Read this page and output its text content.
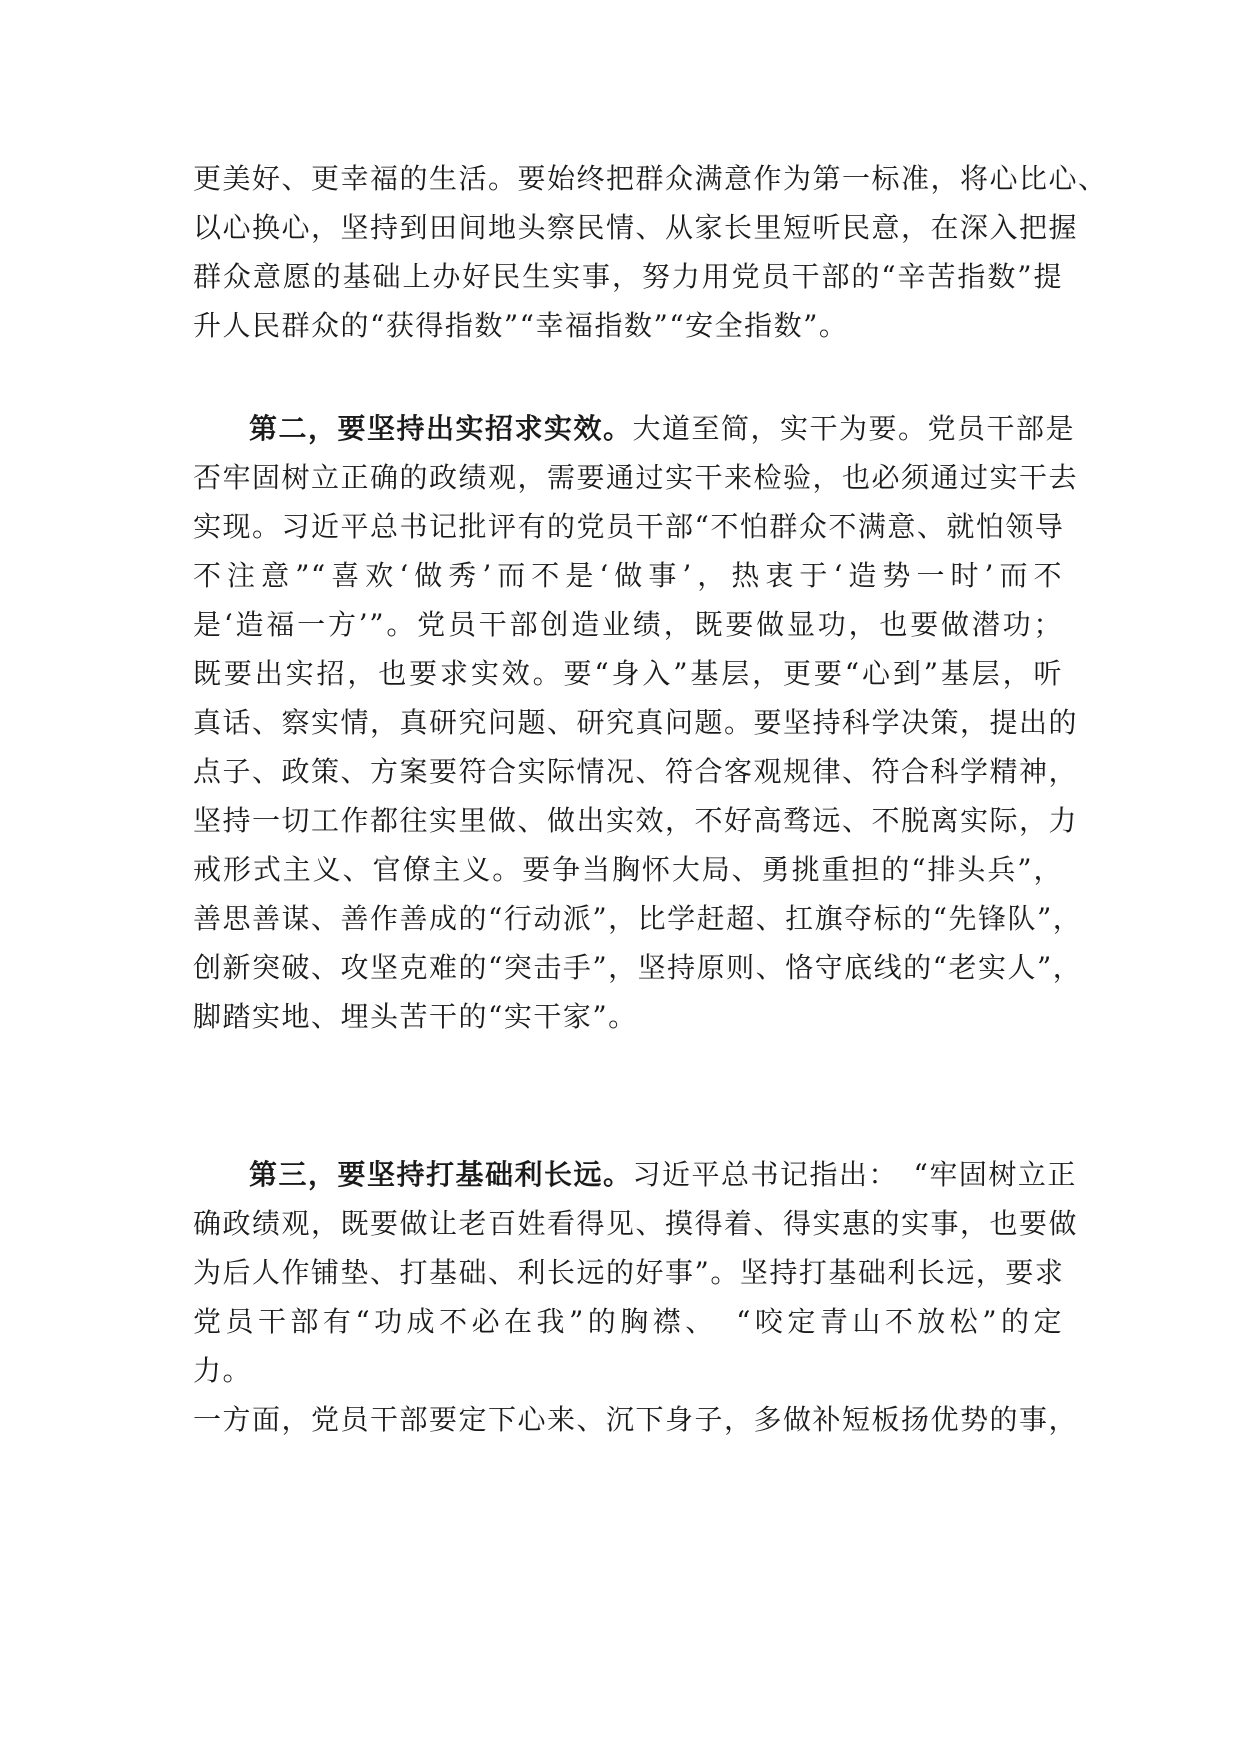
更美好、更幸福的生活。要始终把群众满意作为第一标准，将心比心、
以心换心，坚持到田间地头察民情、从家长里短听民意，在深入把握
群众意愿的基础上办好民生实事，努力用党员干部的“辛苦指数”提
升人民群众的“获得指数”“幸福指数”“安全指数”。
第二，要坚持出实招求实效。大道至简，实干为要。党员干部是
否牢固树立正确的政绩观，需要通过实干来检验，也必须通过实干去
实现。习近平总书记批评有的党员干部“不怕群众不满意、就怕领导
不注意”“喜欢‘做秀’而不是‘做事’，热衷于‘造势一时’而不
是‘造福一方’”。党员干部创造业绩，既要做显功，也要做潜功；
既要出实招，也要求实效。要“身入”基层，更要“心到”基层，听
真话、察实情，真研究问题、研究真问题。要坚持科学决策，提出的
点子、政策、方案要符合实际情况、符合客观规律、符合科学精神，
坚持一切工作都往实里做、做出实效，不好高骛远、不脱离实际，力
戒形式主义、官僚主义。要争当胸怀大局、勇挑重担的“排头兵”，
善思善谋、善作善成的“行动派”，比学赶超、扛旗夺标的“先锋队”，
创新突破、攻坚克难的“突击手”，坚持原则、恪守底线的“老实人”，
脚踏实地、埋头苦干的“实干家”。
第三，要坚持打基础利长远。习近平总书记指出：　“牢固树立正
确政绩观，既要做让老百姓看得见、摸得着、得实惠的实事，也要做
为后人作铺垫、打基础、利长远的好事”。坚持打基础利长远，要求
党员干部有“功成不必在我”的胸襟、　“咬定青山不放松”的定
力。
一方面，党员干部要定下心来、沉下身子，多做补短板扬优势的事，
